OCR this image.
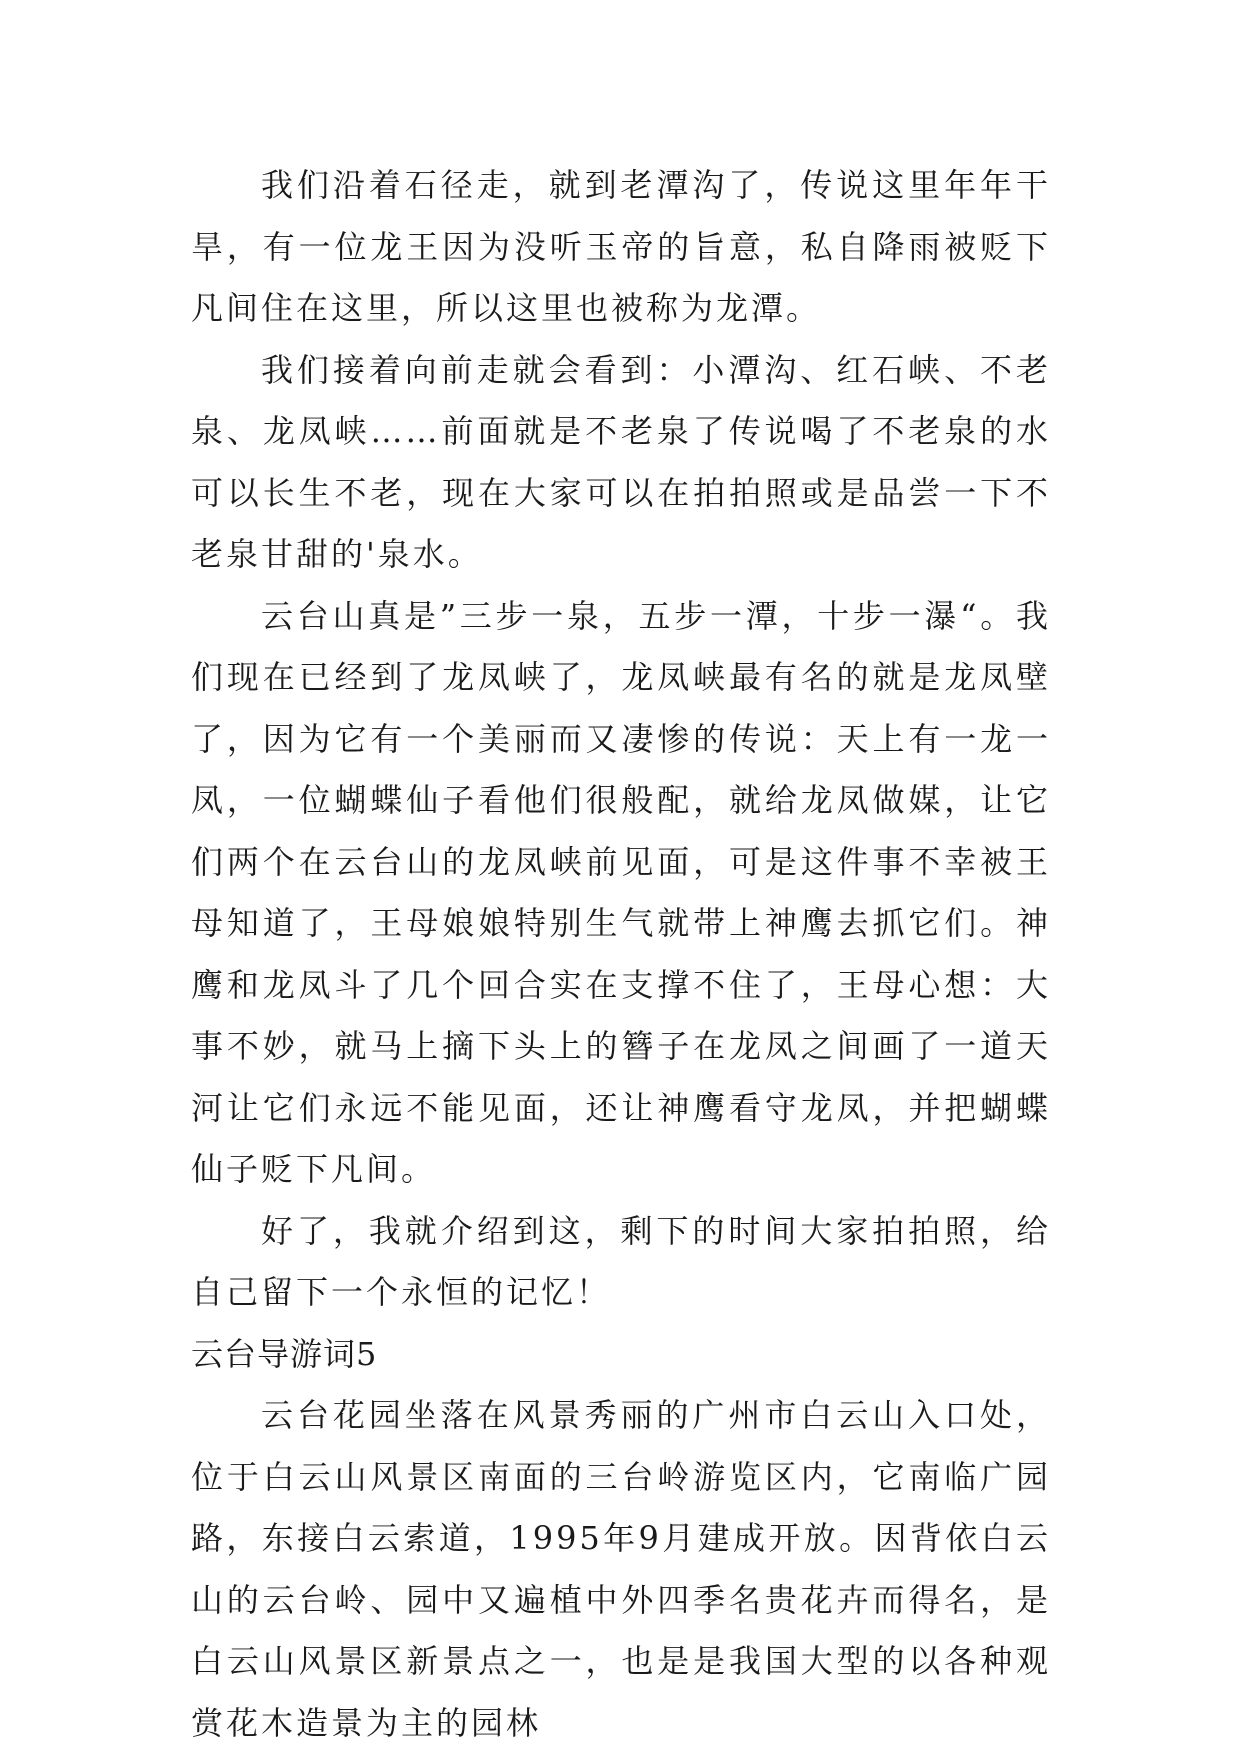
我们沿着石径走，就到老潭沟了，传说这里年年干旱，有一位龙王因为没听玉帝的旨意，私自降雨被贬下凡间住在这里，所以这里也被称为龙潭。

我们接着向前走就会看到：小潭沟、红石峡、不老泉、龙凤峡……前面就是不老泉了传说喝了不老泉的水可以长生不老，现在大家可以在拍拍照或是品尝一下不老泉甘甜的'泉水。

云台山真是”三步一泉，五步一潭，十步一瀑“。我们现在已经到了龙凤峡了，龙凤峡最有名的就是龙凤壁了，因为它有一个美丽而又凄惨的传说：天上有一龙一凤，一位蝴蝶仙子看他们很般配，就给龙凤做媒，让它们两个在云台山的龙凤峡前见面，可是这件事不幸被王母知道了，王母娘娘特别生气就带上神鹰去抓它们。神鹰和龙凤斗了几个回合实在支撑不住了，王母心想：大事不妙，就马上摘下头上的簪子在龙凤之间画了一道天河让它们永远不能见面，还让神鹰看守龙凤，并把蝴蝶仙子贬下凡间。

好了，我就介绍到这，剩下的时间大家拍拍照，给自己留下一个永恒的记忆！

云台导游词5

云台花园坐落在风景秀丽的广州市白云山入口处，位于白云山风景区南面的三台岭游览区内，它南临广园路，东接白云索道，1995年9月建成开放。因背依白云山的云台岭、园中又遍植中外四季名贵花卉而得名，是白云山风景区新景点之一，也是是我国大型的以各种观赏花木造景为主的园林
